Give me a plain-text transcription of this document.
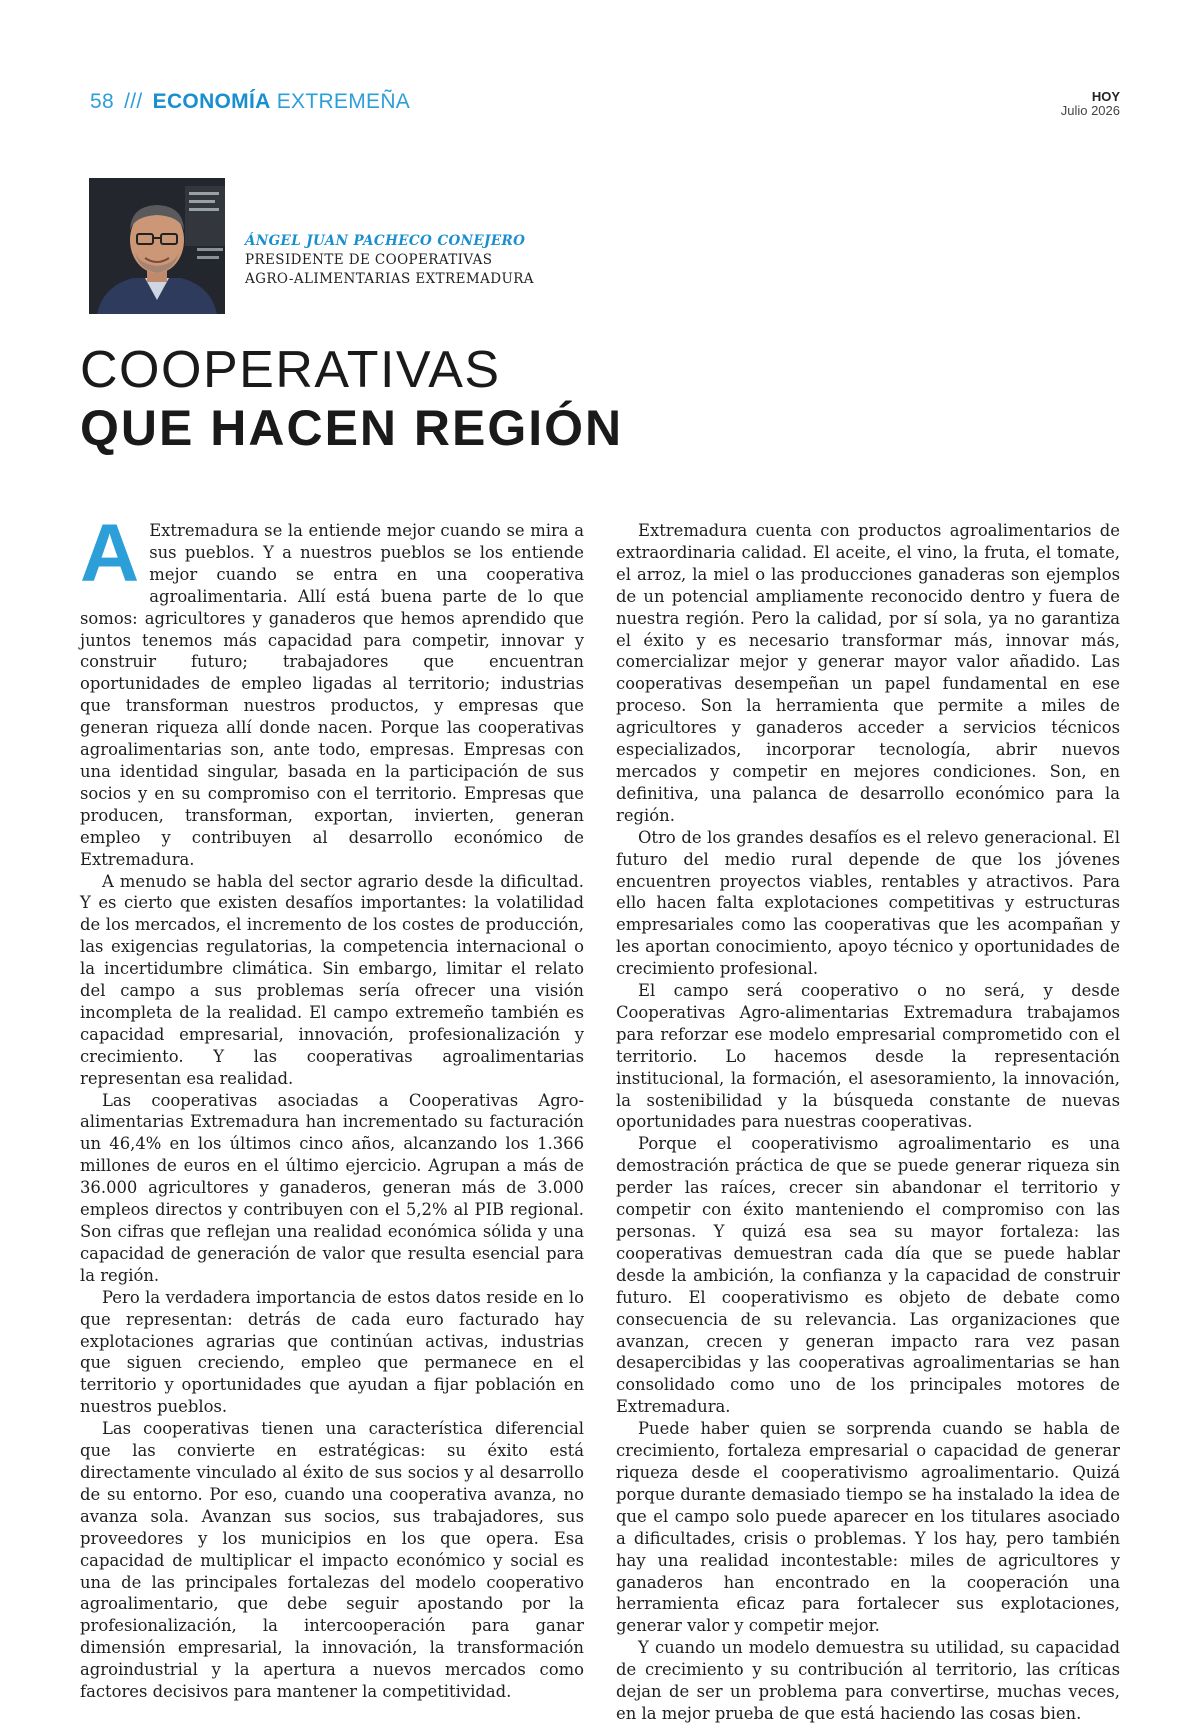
58 /// ECONOMÍA EXTREMEÑA	HOY
Julio 2026
ÁNGEL JUAN PACHECO CONEJERO
PRESIDENTE DE COOPERATIVAS
AGRO-ALIMENTARIAS EXTREMADURA
COOPERATIVAS
QUE HACEN REGIÓN

A Extremadura se la entiende mejor cuando se mira a sus pueblos. Y a nuestros pueblos se los entiende mejor cuando se entra en una cooperativa agroalimentaria. Allí está buena parte de lo que somos: agricultores y ganaderos que hemos aprendido que juntos tenemos más capacidad para competir, innovar y construir futuro; trabajadores que encuentran oportunidades de empleo ligadas al territorio; industrias que transforman nuestros productos, y empresas que generan riqueza allí donde nacen. Porque las cooperativas agroalimentarias son, ante todo, empresas. Empresas con una identidad singular, basada en la participación de sus socios y en su compromiso con el territorio. Empresas que producen, transforman, exportan, invierten, generan empleo y contribuyen al desarrollo económico de Extremadura.

A menudo se habla del sector agrario desde la dificultad. Y es cierto que existen desafíos importantes: la volatilidad de los mercados, el incremento de los costes de producción, las exigencias regulatorias, la competencia internacional o la incertidumbre climática. Sin embargo, limitar el relato del campo a sus problemas sería ofrecer una visión incompleta de la realidad. El campo extremeño también es capacidad empresarial, innovación, profesionalización y crecimiento. Y las cooperativas agroalimentarias representan esa realidad.

Las cooperativas asociadas a Cooperativas Agro-alimentarias Extremadura han incrementado su facturación un 46,4% en los últimos cinco años, alcanzando los 1.366 millones de euros en el último ejercicio. Agrupan a más de 36.000 agricultores y ganaderos, generan más de 3.000 empleos directos y contribuyen con el 5,2% al PIB regional. Son cifras que reflejan una realidad económica sólida y una capacidad de generación de valor que resulta esencial para la región.

Pero la verdadera importancia de estos datos reside en lo que representan: detrás de cada euro facturado hay explotaciones agrarias que continúan activas, industrias que siguen creciendo, empleo que permanece en el territorio y oportunidades que ayudan a fijar población en nuestros pueblos.

Las cooperativas tienen una característica diferencial que las convierte en estratégicas: su éxito está directamente vinculado al éxito de sus socios y al desarrollo de su entorno. Por eso, cuando una cooperativa avanza, no avanza sola. Avanzan sus socios, sus trabajadores, sus proveedores y los municipios en los que opera. Esa capacidad de multiplicar el impacto económico y social es una de las principales fortalezas del modelo cooperativo agroalimentario, que debe seguir apostando por la profesionalización, la intercooperación para ganar dimensión empresarial, la innovación, la transformación agroindustrial y la apertura a nuevos mercados como factores decisivos para mantener la competitividad.

Extremadura cuenta con productos agroalimentarios de extraordinaria calidad. El aceite, el vino, la fruta, el tomate, el arroz, la miel o las producciones ganaderas son ejemplos de un potencial ampliamente reconocido dentro y fuera de nuestra región. Pero la calidad, por sí sola, ya no garantiza el éxito y es necesario transformar más, innovar más, comercializar mejor y generar mayor valor añadido. Las cooperativas desempeñan un papel fundamental en ese proceso. Son la herramienta que permite a miles de agricultores y ganaderos acceder a servicios técnicos especializados, incorporar tecnología, abrir nuevos mercados y competir en mejores condiciones. Son, en definitiva, una palanca de desarrollo económico para la región.

Otro de los grandes desafíos es el relevo generacional. El futuro del medio rural depende de que los jóvenes encuentren proyectos viables, rentables y atractivos. Para ello hacen falta explotaciones competitivas y estructuras empresariales como las cooperativas que les acompañan y les aportan conocimiento, apoyo técnico y oportunidades de crecimiento profesional.

El campo será cooperativo o no será, y desde Cooperativas Agro-alimentarias Extremadura trabajamos para reforzar ese modelo empresarial comprometido con el territorio. Lo hacemos desde la representación institucional, la formación, el asesoramiento, la innovación, la sostenibilidad y la búsqueda constante de nuevas oportunidades para nuestras cooperativas.

Porque el cooperativismo agroalimentario es una demostración práctica de que se puede generar riqueza sin perder las raíces, crecer sin abandonar el territorio y competir con éxito manteniendo el compromiso con las personas. Y quizá esa sea su mayor fortaleza: las cooperativas demuestran cada día que se puede hablar desde la ambición, la confianza y la capacidad de construir futuro. El cooperativismo es objeto de debate como consecuencia de su relevancia. Las organizaciones que avanzan, crecen y generan impacto rara vez pasan desapercibidas y las cooperativas agroalimentarias se han consolidado como uno de los principales motores de Extremadura.

Puede haber quien se sorprenda cuando se habla de crecimiento, fortaleza empresarial o capacidad de generar riqueza desde el cooperativismo agroalimentario. Quizá porque durante demasiado tiempo se ha instalado la idea de que el campo solo puede aparecer en los titulares asociado a dificultades, crisis o problemas. Y los hay, pero también hay una realidad incontestable: miles de agricultores y ganaderos han encontrado en la cooperación una herramienta eficaz para fortalecer sus explotaciones, generar valor y competir mejor.

Y cuando un modelo demuestra su utilidad, su capacidad de crecimiento y su contribución al territorio, las críticas dejan de ser un problema para convertirse, muchas veces, en la mejor prueba de que está haciendo las cosas bien.
